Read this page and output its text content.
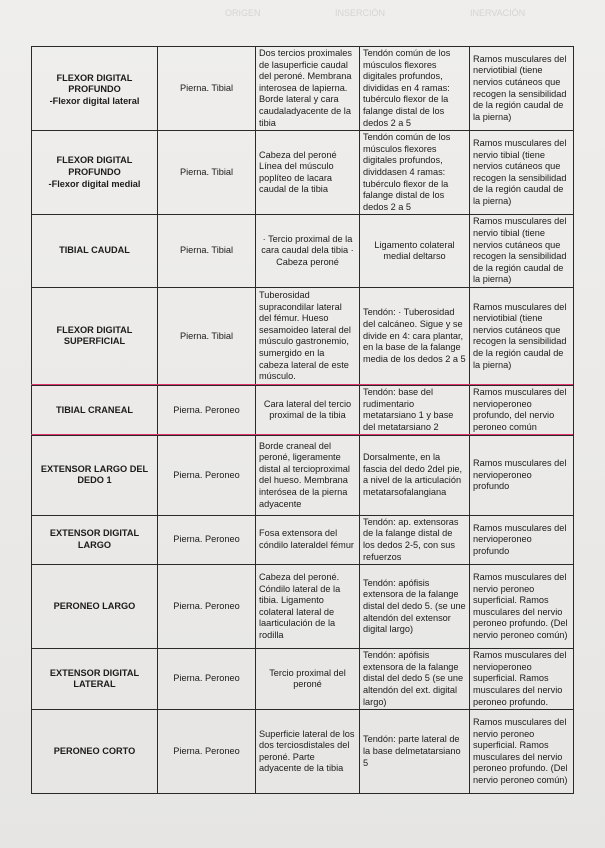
ORIGEN	INSERCIÓN	INERVACIÓN
FLEXOR DIGITAL
PROFUNDO
-Flexor digital lateral	Pierna. Tibial	Dos tercios proximales de lasuperficie caudal del peroné. Membrana interosea de lapierna. Borde lateral y cara caudaladyacente de la tibia	Tendón común de los músculos flexores digitales profundos, divididas en 4 ramas: tubérculo flexor de la falange distal de los dedos 2 a 5	Ramos musculares del nerviotibial (tiene nervios cutáneos que recogen la sensibilidad de la región caudal de la pierna)

FLEXOR DIGITAL
PROFUNDO
-Flexor digital medial	Pierna. Tibial	Cabeza del peroné Línea del músculo poplíteo de lacara caudal de la tibia	Tendón común de los músculos flexores digitales profundos, dividdasen 4 ramas: tubérculo flexor de la falange distal de los dedos 2 a 5	Ramos musculares del nervio tibial (tiene nervios cutáneos que recogen la sensibilidad de la región caudal de la pierna)

TIBIAL CAUDAL	Pierna. Tibial	· Tercio proximal de la cara caudal dela tibia · Cabeza peroné	Ligamento colateral medial deltarso	Ramos musculares del nervio tibial (tiene nervios cutáneos que recogen la sensibilidad de la región caudal de la pierna)

FLEXOR DIGITAL
SUPERFICIAL	Pierna. Tibial	Tuberosidad supracondilar lateral del fémur. Hueso sesamoideo lateral del músculo gastronemio, sumergido en la cabeza lateral de este músculo.	Tendón: · Tuberosidad del calcáneo. Sigue y se divide en 4: cara plantar, en la base de la falange media de los dedos 2 a 5	Ramos musculares del nerviotibial (tiene nervios cutáneos que recogen la sensibilidad de la región caudal de la pierna)

TIBIAL CRANEAL	Pierna. Peroneo	Cara lateral del tercio proximal de la tibia	Tendón: base del rudimentario metatarsiano 1 y base del metatarsiano 2	Ramos musculares del nervioperoneo profundo, del nervio peroneo común

EXTENSOR LARGO DEL
DEDO 1	Pierna. Peroneo	Borde craneal del peroné, ligeramente distal al tercioproximal del hueso. Membrana interósea de la pierna adyacente	Dorsalmente, en la fascia del dedo 2del pie, a nivel de la articulación metatarsofalangiana	Ramos musculares del nervioperoneo profundo

EXTENSOR DIGITAL
LARGO	Pierna. Peroneo	Fosa extensora del cóndilo lateraldel fémur	Tendón: ap. extensoras de la falange distal de los dedos 2-5, con sus refuerzos	Ramos musculares del nervioperoneo profundo

PERONEO LARGO	Pierna. Peroneo	Cabeza del peroné. Cóndilo lateral de la tibia. Ligamento colateral lateral de laarticulación de la rodilla	Tendón: apófisis extensora de la falange distal del dedo 5. (se une altendón del extensor digital largo)	Ramos musculares del nervio peroneo superficial. Ramos musculares del nervio peroneo profundo. (Del nervio peroneo común)

EXTENSOR DIGITAL
LATERAL	Pierna. Peroneo	Tercio proximal del peroné	Tendón: apófisis extensora de la falange distal del dedo 5 (se une altendón del ext. digital largo)	Ramos musculares del nervioperoneo superficial. Ramos musculares del nervio peroneo profundo.

PERONEO CORTO	Pierna. Peroneo	Superficie lateral de los dos terciosdistales del peroné. Parte adyacente de la tibia	Tendón: parte lateral de la base delmetatarsiano 5	Ramos musculares del nervio peroneo superficial. Ramos musculares del nervio peroneo profundo. (Del nervio peroneo común)
